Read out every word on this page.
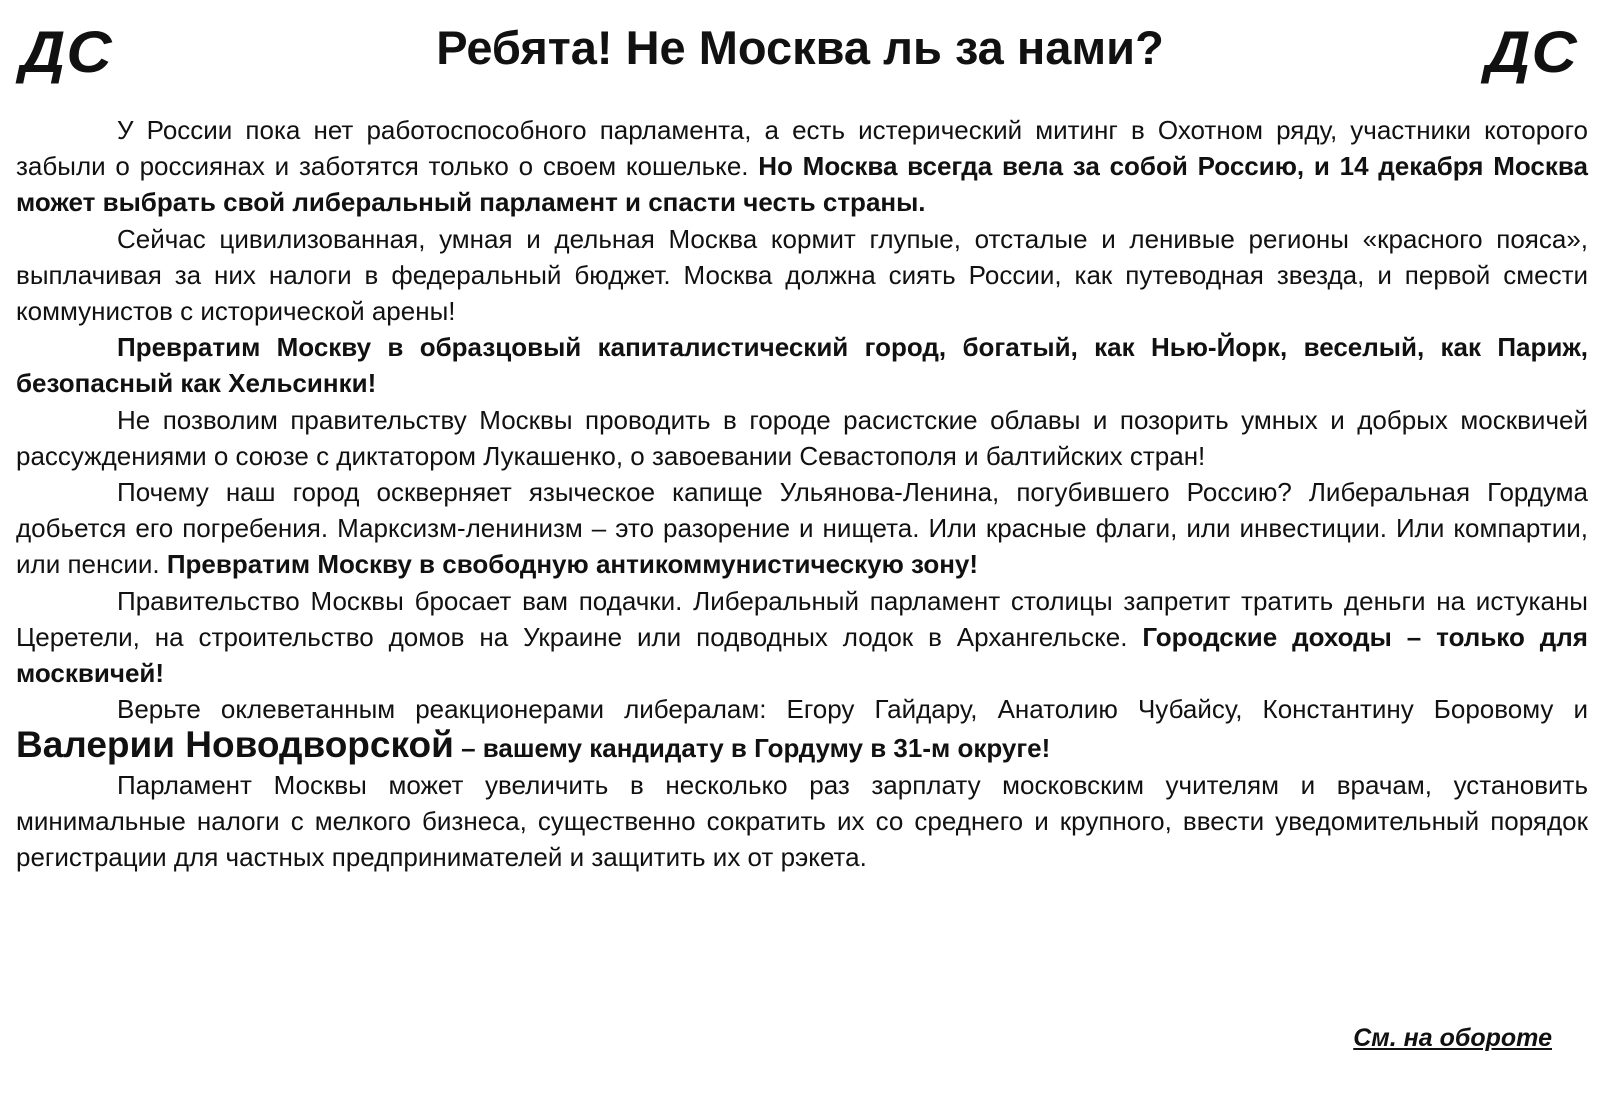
ДС	Ребята! Не Москва ль за нами?	ДС

У России пока нет работоспособного парламента, а есть истерический митинг в Охотном ряду, участники которого забыли о россиянах и заботятся только о своем кошельке. Но Москва всегда вела за собой Россию, и 14 декабря Москва может выбрать свой либеральный парламент и спасти честь страны.

Сейчас цивилизованная, умная и дельная Москва кормит глупые, отсталые и ленивые регионы «красного пояса», выплачивая за них налоги в федеральный бюджет. Москва должна сиять России, как путеводная звезда, и первой смести коммунистов с исторической арены!

Превратим Москву в образцовый капиталистический город, богатый, как Нью-Йорк, веселый, как Париж, безопасный как Хельсинки!

Не позволим правительству Москвы проводить в городе расистские облавы и позорить умных и добрых москвичей рассуждениями о союзе с диктатором Лукашенко, о завоевании Севастополя и балтийских стран!

Почему наш город оскверняет языческое капище Ульянова-Ленина, погубившего Россию? Либеральная Гордума добьется его погребения. Марксизм-ленинизм – это разорение и нищета. Или красные флаги, или инвестиции. Или компартии, или пенсии. Превратим Москву в свободную антикоммунистическую зону!

Правительство Москвы бросает вам подачки. Либеральный парламент столицы запретит тратить деньги на истуканы Церетели, на строительство домов на Украине или подводных лодок в Архангельске. Городские доходы – только для москвичей!

Верьте оклеветанным реакционерами либералам: Егору Гайдару, Анатолию Чубайсу, Константину Боровому и Валерии Новодворской – вашему кандидату в Гордуму в 31-м округе!

Парламент Москвы может увеличить в несколько раз зарплату московским учителям и врачам, установить минимальные налоги с мелкого бизнеса, существенно сократить их со среднего и крупного, ввести уведомительный порядок регистрации для частных предпринимателей и защитить их от рэкета.

См. на обороте
